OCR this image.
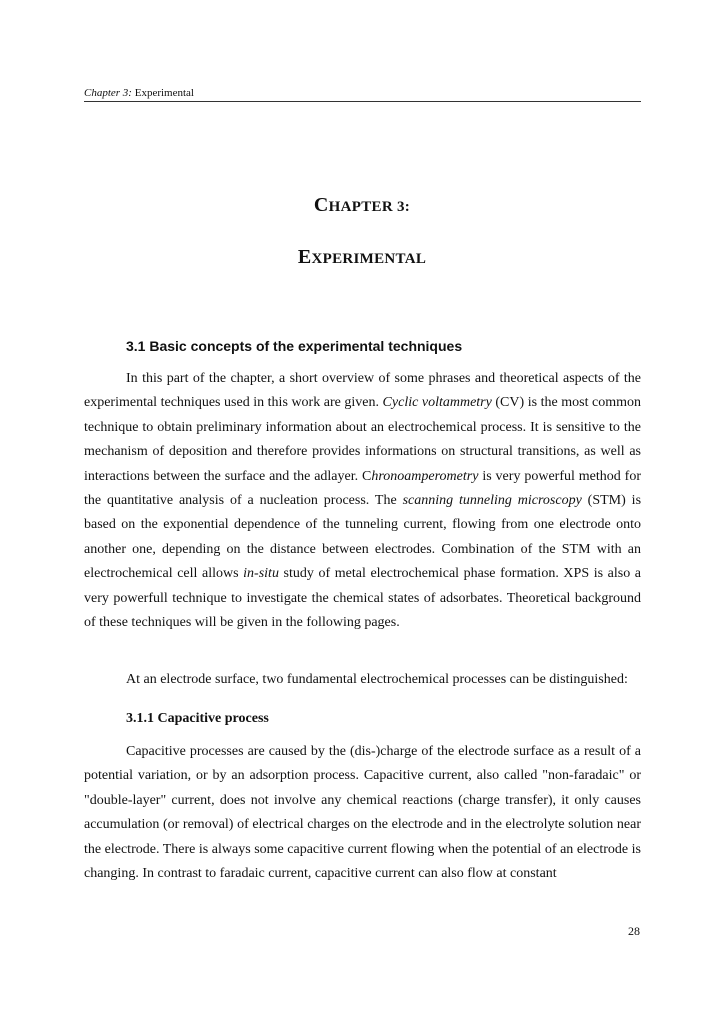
Chapter 3: Experimental
CHAPTER 3:
EXPERIMENTAL
3.1 Basic concepts of the experimental techniques

In this part of the chapter, a short overview of some phrases and theoretical aspects of the experimental techniques used in this work are given. Cyclic voltammetry (CV) is the most common technique to obtain preliminary information about an electrochemical process. It is sensitive to the mechanism of deposition and therefore provides informations on structural transitions, as well as interactions between the surface and the adlayer. Chronoamperometry is very powerful method for the quantitative analysis of a nucleation process. The scanning tunneling microscopy (STM) is based on the exponential dependence of the tunneling current, flowing from one electrode onto another one, depending on the distance between electrodes. Combination of the STM with an electrochemical cell allows in-situ study of metal electrochemical phase formation. XPS is also a very powerfull technique to investigate the chemical states of adsorbates. Theoretical background of these techniques will be given in the following pages.

At an electrode surface, two fundamental electrochemical processes can be distinguished:

3.1.1 Capacitive process

Capacitive processes are caused by the (dis-)charge of the electrode surface as a result of a potential variation, or by an adsorption process. Capacitive current, also called "non-faradaic" or "double-layer" current, does not involve any chemical reactions (charge transfer), it only causes accumulation (or removal) of electrical charges on the electrode and in the electrolyte solution near the electrode. There is always some capacitive current flowing when the potential of an electrode is changing. In contrast to faradaic current, capacitive current can also flow at constant

28
